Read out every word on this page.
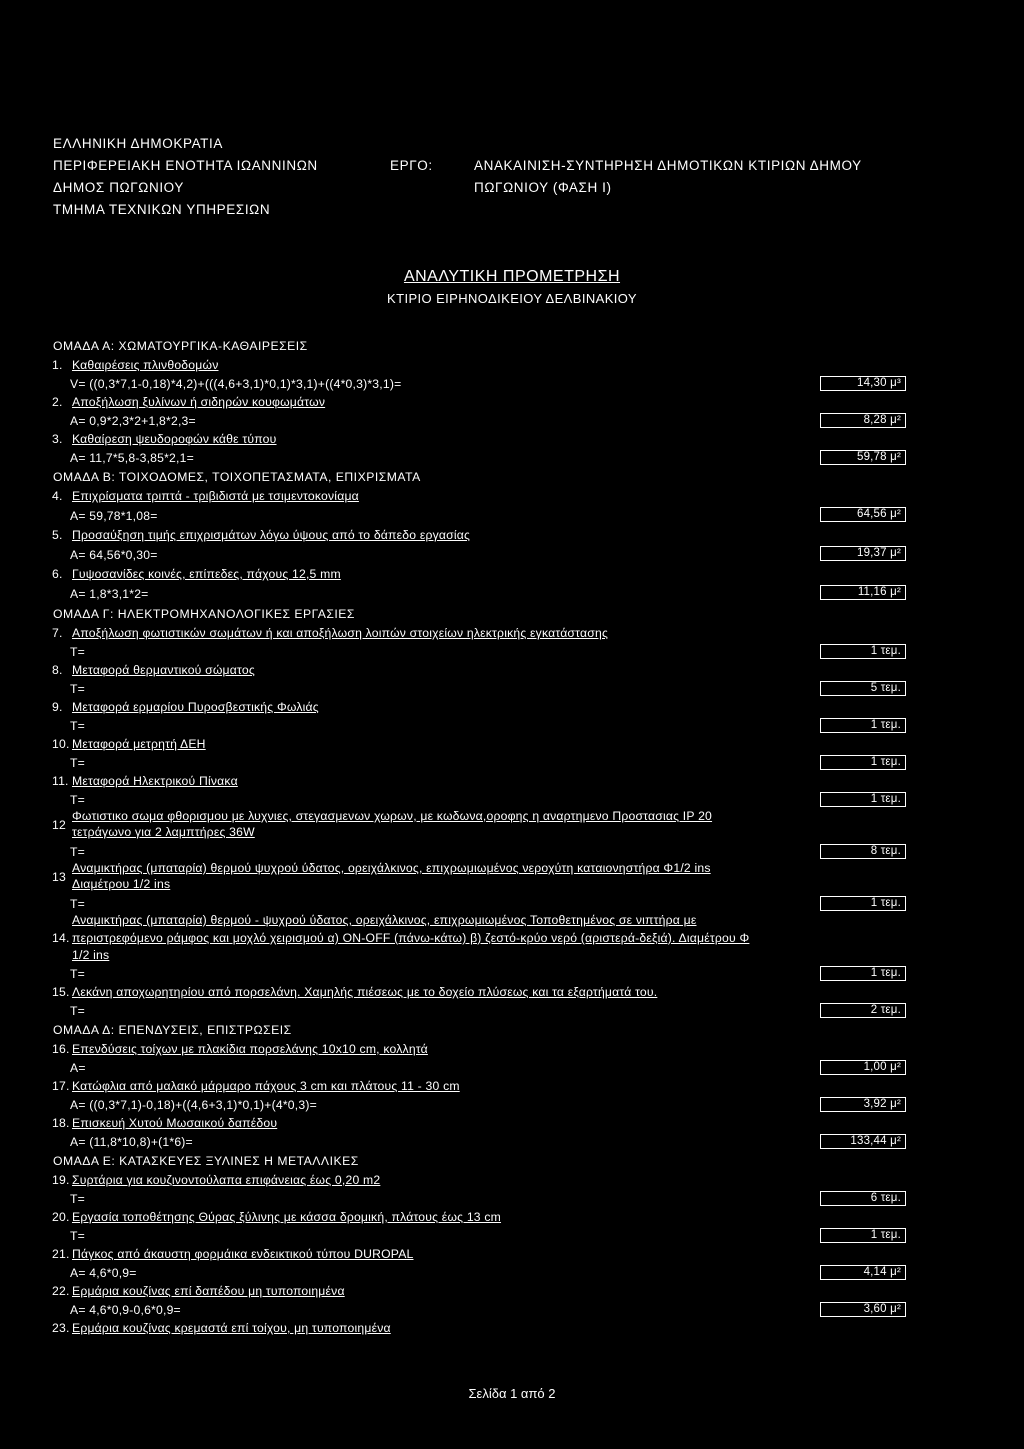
ΕΛΛΗΝΙΚΗ ΔΗΜΟΚΡΑΤΙΑ
ΠΕΡΙΦΕΡΕΙΑΚΗ ΕΝΟΤΗΤΑ ΙΩΑΝΝΙΝΩΝ
ΔΗΜΟΣ ΠΩΓΩΝΙΟΥ
ΤΜΗΜΑ ΤΕΧΝΙΚΩΝ ΥΠΗΡΕΣΙΩΝ
ΕΡΓΟ:	ΑΝΑΚΑΙΝΙΣΗ-ΣΥΝΤΗΡΗΣΗ ΔΗΜΟΤΙΚΩΝ ΚΤΙΡΙΩΝ ΔΗΜΟΥ
ΠΩΓΩΝΙΟΥ (ΦΑΣΗ Ι)
ΑΝΑΛΥΤΙΚΗ ΠΡΟΜΕΤΡΗΣΗ
ΚΤΙΡΙΟ ΕΙΡΗΝΟΔΙΚΕΙΟΥ ΔΕΛΒΙΝΑΚΙΟΥ
ΟΜΑΔΑ Α: ΧΩΜΑΤΟΥΡΓΙΚΑ-ΚΑΘΑΙΡΕΣΕΙΣ
1. Καθαιρέσεις πλινθοδομών
V= ((0,3*7,1-0,18)*4,2)+(((4,6+3,1)*0,1)*3,1)+((4*0,3)*3,1)=	14,30 μ³
2. Αποξήλωση ξυλίνων ή σιδηρών κουφωμάτων
A= 0,9*2,3*2+1,8*2,3=	8,28 μ²
3. Καθαίρεση ψευδοροφών κάθε τύπου
A= 11,7*5,8-3,85*2,1=	59,78 μ²
ΟΜΑΔΑ Β: ΤΟΙΧΟΔΟΜΕΣ, ΤΟΙΧΟΠΕΤΑΣΜΑΤΑ, ΕΠΙΧΡΙΣΜΑΤΑ
4. Επιχρίσματα τριπτά - τριβιδιστά με τσιμεντοκονίαμα
A= 59,78*1,08=	64,56 μ²
5. Προσαύξηση τιμής επιχρισμάτων λόγω ύψους από το δάπεδο εργασίας
A= 64,56*0,30=	19,37 μ²
6. Γυψοσανίδες κοινές, επίπεδες, πάχους 12,5 mm
A= 1,8*3,1*2=	11,16 μ²
ΟΜΑΔΑ Γ: ΗΛΕΚΤΡΟΜΗΧΑΝΟΛΟΓΙΚΕΣ ΕΡΓΑΣΙΕΣ
7. Αποξήλωση φωτιστικών σωμάτων ή και αποξήλωση λοιπών στοιχείων ηλεκτρικής εγκατάστασης
T=	1 τεμ.
8. Μεταφορά θερμαντικού σώματος
T=	5 τεμ.
9. Μεταφορά ερμαρίου Πυροσβεστικής Φωλιάς
T=	1 τεμ.
10. Μεταφορά μετρητή ΔΕΗ
T=	1 τεμ.
11. Μεταφορά Ηλεκτρικού Πίνακα
T=	1 τεμ.
12
Φωτιστικο σωμα φθορισμου με λυχνιες, στεγασμενων χωρων, με κωδωνα,οροφης η αναρτημενο Προστασιας IP 20
τετράγωνο για 2 λαμπτήρες 36W
T=	8 τεμ.
13
Αναμικτήρας (μπαταρία) θερμού ψυχρού ύδατος, ορειχάλκινος, επιχρωμιωμένος νεροχύτη καταιονηστήρα Φ1/2 ins
Διαμέτρου 1/2 ins
T=	1 τεμ.
14.
Αναμικτήρας (μπαταρία) θερμού - ψυχρού ύδατος, ορειχάλκινος, επιχρωμιωμένος Τοποθετημένος σε νιπτήρα με
περιστρεφόμενο ράμφος και μοχλό χειρισμού α) ON-OFF (πάνω-κάτω) β) ζεστό-κρύο νερό (αριστερά-δεξιά). Διαμέτρου Φ
1/2 ins
T=	1 τεμ.
15. Λεκάνη αποχωρητηρίου από πορσελάνη. Χαμηλής πιέσεως με το δοχείο πλύσεως και τα εξαρτήματά του.
T=	2 τεμ.
ΟΜΑΔΑ Δ: ΕΠΕΝΔΥΣΕΙΣ, ΕΠΙΣΤΡΩΣΕΙΣ
16. Επενδύσεις τοίχων με πλακίδια πορσελάνης 10x10 cm, κολλητά
A=	1,00 μ²
17. Κατώφλια από μαλακό μάρμαρο πάχους 3 cm και πλάτους 11 - 30 cm
A= ((0,3*7,1)-0,18)+((4,6+3,1)*0,1)+(4*0,3)=	3,92 μ²
18. Επισκευή Χυτού Μωσαικού δαπέδου
A= (11,8*10,8)+(1*6)=	133,44 μ²
ΟΜΑΔΑ Ε: ΚΑΤΑΣΚΕΥΕΣ ΞΥΛΙΝΕΣ Η ΜΕΤΑΛΛΙΚΕΣ
19. Συρτάρια για κουζινοντούλαπα επιφάνειας έως 0,20 m2
T=	6 τεμ.
20. Εργασία τοποθέτησης Θύρας ξύλινης με κάσσα δρομική, πλάτους έως 13 cm
T=	1 τεμ.
21. Πάγκος από άκαυστη φορμάικα ενδεικτικού τύπου DUROPAL
A= 4,6*0,9=	4,14 μ²
22. Ερμάρια κουζίνας επί δαπέδου μη τυποποιημένα
A= 4,6*0,9-0,6*0,9=	3,60 μ²
23. Ερμάρια κουζίνας κρεμαστά επί τοίχου, μη τυποποιημένα
Σελίδα 1 από 2
